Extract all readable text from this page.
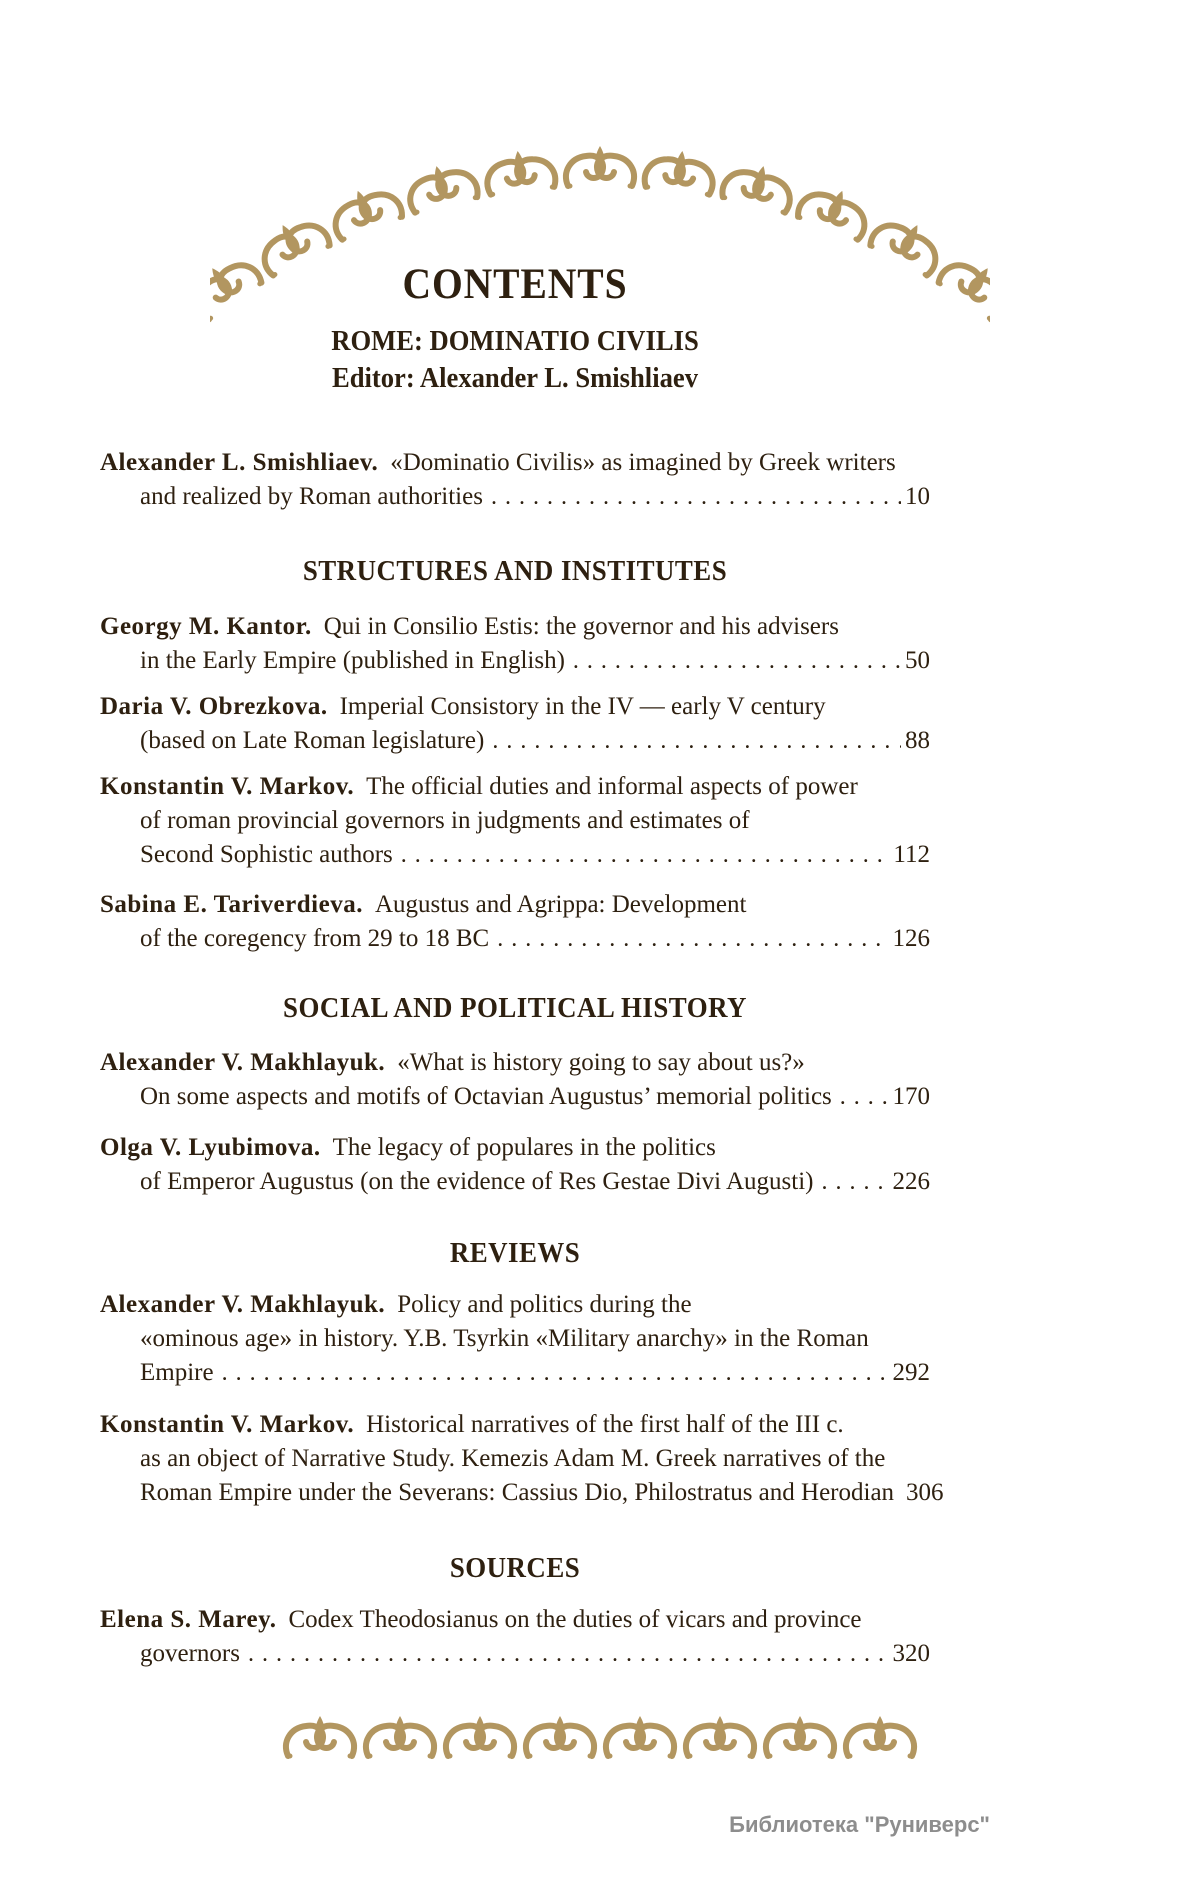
CONTENTS
ROME: DOMINATIO CIVILIS
Editor: Alexander L. Smishliaev
Alexander L. Smishliaev. «Dominatio Civilis» as imagined by Greek writers
and realized by Roman authorities . . .	10
STRUCTURES AND INSTITUTES
Georgy M. Kantor. Qui in Consilio Estis: the governor and his advisers
in the Early Empire (published in English) . . .	50
Daria V. Obrezkova. Imperial Consistory in the IV — early V century
(based on Late Roman legislature) . . .	88
Konstantin V. Markov. The official duties and informal aspects of power
of roman provincial governors in judgments and estimates of
Second Sophistic authors . . .	112
Sabina E. Tariverdieva. Augustus and Agrippa: Development
of the coregency from 29 to 18 BC . . .	126
SOCIAL AND POLITICAL HISTORY
Alexander V. Makhlayuk. «What is history going to say about us?»
On some aspects and motifs of Octavian Augustus’ memorial politics . . . 170
Olga V. Lyubimova. The legacy of populares in the politics
of Emperor Augustus (on the evidence of Res Gestae Divi Augusti) . . .	226
REVIEWS
Alexander V. Makhlayuk. Policy and politics during the
«ominous age» in history. Y.B. Tsyrkin «Military anarchy» in the Roman
Empire . . .	292
Konstantin V. Markov. Historical narratives of the first half of the III c.
as an object of Narrative Study. Kemezis Adam M. Greek narratives of the
Roman Empire under the Severans: Cassius Dio, Philostratus and Herodian 306
SOURCES
Elena S. Marey. Codex Theodosianus on the duties of vicars and province
governors . . .	320
Библиотека "Руниверс"
